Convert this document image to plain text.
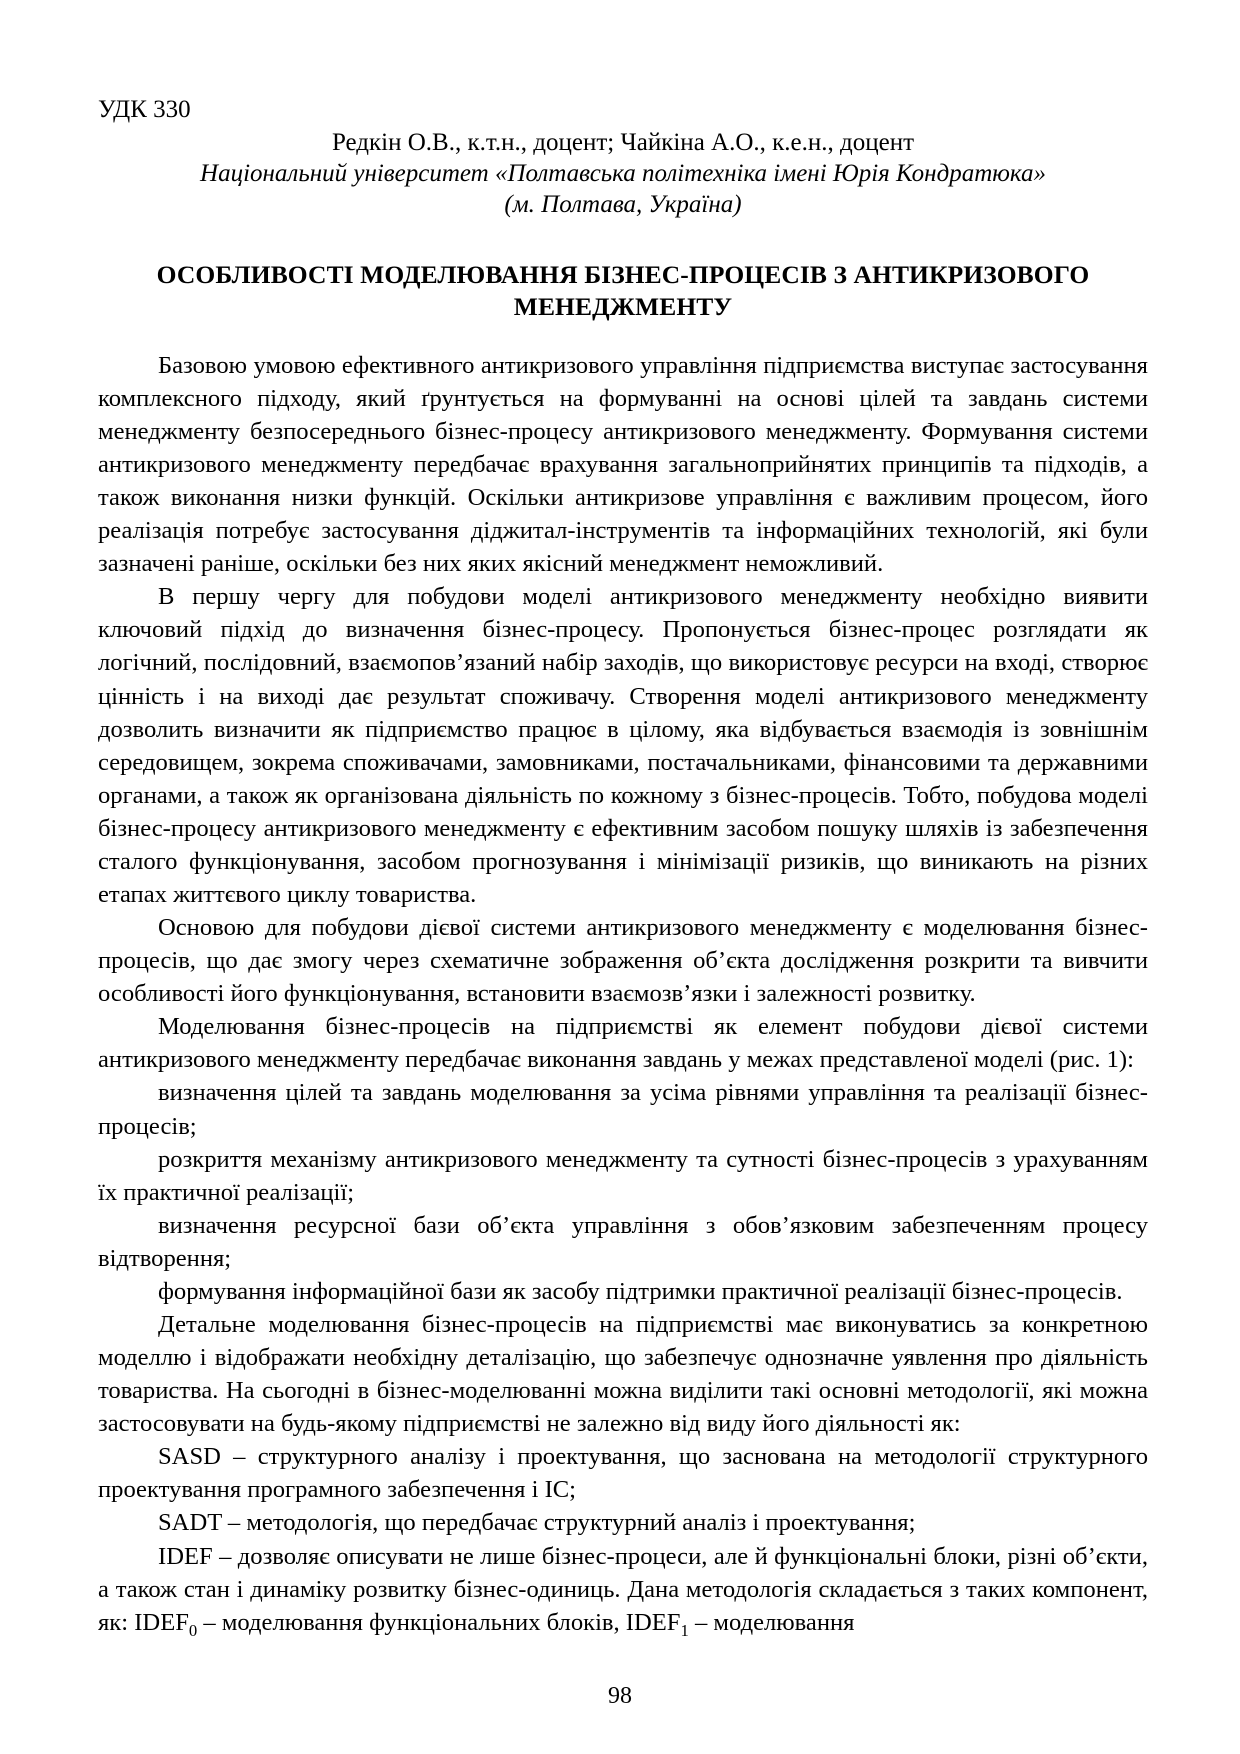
УДК 330
Редкін О.В., к.т.н., доцент; Чайкіна А.О., к.е.н., доцент
Національний університет «Полтавська політехніка імені Юрія Кондратюка»
(м. Полтава, Україна)
ОСОБЛИВОСТІ МОДЕЛЮВАННЯ БІЗНЕС-ПРОЦЕСІВ З АНТИКРИЗОВОГО МЕНЕДЖМЕНТУ

Базовою умовою ефективного антикризового управління підприємства виступає застосування комплексного підходу, який ґрунтується на формуванні на основі цілей та завдань системи менеджменту безпосереднього бізнес-процесу антикризового менеджменту. Формування системи антикризового менеджменту передбачає врахування загальноприйнятих принципів та підходів, а також виконання низки функцій. Оскільки антикризове управління є важливим процесом, його реалізація потребує застосування діджитал-інструментів та інформаційних технологій, які були зазначені раніше, оскільки без них яких якісний менеджмент неможливий.

В першу чергу для побудови моделі антикризового менеджменту необхідно виявити ключовий підхід до визначення бізнес-процесу. Пропонується бізнес-процес розглядати як логічний, послідовний, взаємопов’язаний набір заходів, що використовує ресурси на вході, створює цінність і на виході дає результат споживачу. Створення моделі антикризового менеджменту дозволить визначити як підприємство працює в цілому, яка відбувається взаємодія із зовнішнім середовищем, зокрема споживачами, замовниками, постачальниками, фінансовими та державними органами, а також як організована діяльність по кожному з бізнес-процесів. Тобто, побудова моделі бізнес-процесу антикризового менеджменту є ефективним засобом пошуку шляхів із забезпечення сталого функціонування, засобом прогнозування і мінімізації ризиків, що виникають на різних етапах життєвого циклу товариства.

Основою для побудови дієвої системи антикризового менеджменту є моделювання бізнес-процесів, що дає змогу через схематичне зображення об’єкта дослідження розкрити та вивчити особливості його функціонування, встановити взаємозв’язки і залежності розвитку.

Моделювання бізнес-процесів на підприємстві як елемент побудови дієвої системи антикризового менеджменту передбачає виконання завдань у межах представленої моделі (рис. 1):

визначення цілей та завдань моделювання за усіма рівнями управління та реалізації бізнес-процесів;

розкриття механізму антикризового менеджменту та сутності бізнес-процесів з урахуванням їх практичної реалізації;

визначення ресурсної бази об’єкта управління з обов’язковим забезпеченням процесу відтворення;

формування інформаційної бази як засобу підтримки практичної реалізації бізнес-процесів.

Детальне моделювання бізнес-процесів на підприємстві має виконуватись за конкретною моделлю і відображати необхідну деталізацію, що забезпечує однозначне уявлення про діяльність товариства. На сьогодні в бізнес-моделюванні можна виділити такі основні методології, які можна застосовувати на будь-якому підприємстві не залежно від виду його діяльності як:

SASD – структурного аналізу і проектування, що заснована на методології структурного проектування програмного забезпечення і ІС;

SADT – методологія, що передбачає структурний аналіз і проектування;

IDEF – дозволяє описувати не лише бізнес-процеси, але й функціональні блоки, різні об’єкти, а також стан і динаміку розвитку бізнес-одиниць. Дана методологія складається з таких компонент, як: $IDEF_0$ – моделювання функціональних блоків, $IDEF_1$ – моделювання

98
